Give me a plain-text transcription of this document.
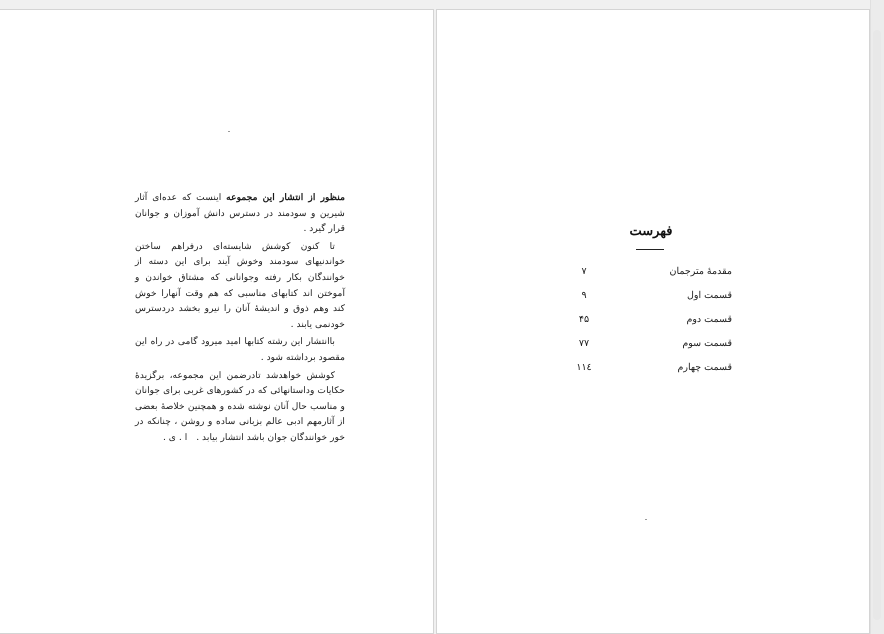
منظور از انتشار این مجموعه اینست که عده‌ای آثار شیرین و سودمند در دسترس دانش آموزان و جوانان قرار گیرد .

تا کنون کوشش شایسته‌ای درفراهم ساختن خواندنیهای سودمند وخوش آیند برای این دسته از خوانندگان بکار رفته وجوانانی که مشتاق خواندن و آموختن اند کتابهای مناسبی که هم وقت آنهارا خوش کند وهم ذوق و اندیشهٔ آنان را نیرو بخشد دردسترس خودنمی یابند .

باانتشار این رشته کتابها امید میرود گامی در راه این مقصود برداشته شود .

کوشش خواهدشد تادرضمن این مجموعه، برگزیدهٔ حکایات وداستانهائی که در کشورهای غربی برای جوانان و مناسب حال آنان نوشته شده و همچنین خلاصهٔ بعضی از آثارمهم ادبی عالم بزبانی ساده و روشن ، چنانکه در خور خوانندگان جوان باشد انتشار بیابد . ا . ی .

فهرست
مقدمهٔ مترجمان
۷
قسمت اول
۹
قسمت دوم
۴۵
قسمت سوم
۷۷
قسمت چهارم
۱۱٤
